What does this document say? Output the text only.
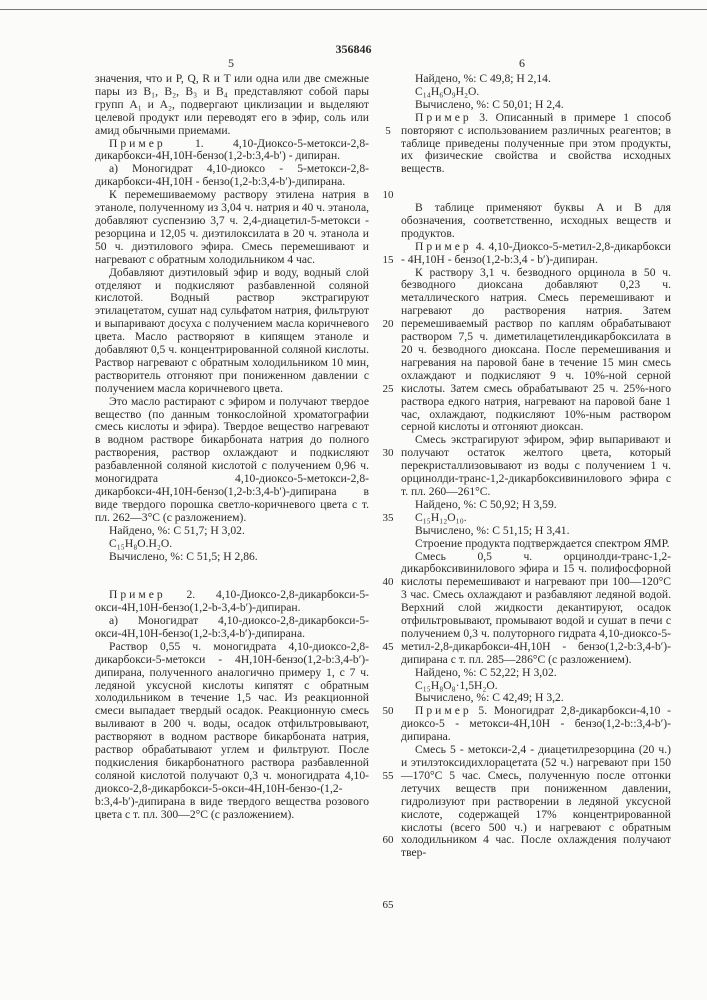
356846
5	6

значения, что и P, Q, R и T или одна или две смежные пары из B₁, B₂, B₃ и B₄ представляют собой пары групп A₁ и A₂, подвергают циклизации и выделяют целевой продукт или переводят его в эфир, соль или амид обычными приемами.

Пример 1. 4,10-Диоксо-5-метокси-2,8-дикарбокси-4H,10H-бензо(1,2-b:3,4-b′) - дипиран.

а) Моногидрат 4,10-диоксо - 5-метокси-2,8-дикарбокси-4H,10H - бензо(1,2-b:3,4-b′)-дипирана.

К перемешиваемому раствору этилена натрия в этаноле, полученному из 3,04 ч. натрия и 40 ч. этанола, добавляют суспензию 3,7 ч. 2,4-диацетил-5-метокси - резорцина и 12,05 ч. диэтилоксилата в 20 ч. этанола и 50 ч. диэтилового эфира. Смесь перемешивают и нагревают с обратным холодильником 4 час.

Добавляют диэтиловый эфир и воду, водный слой отделяют и подкисляют разбавленной соляной кислотой. Водный раствор экстрагируют этилацетатом, сушат над сульфатом натрия, фильтруют и выпаривают досуха с получением масла коричневого цвета. Масло растворяют в кипящем этаноле и добавляют 0,5 ч. концентрированной соляной кислоты. Раствор нагревают с обратным холодильником 10 мин, растворитель отгоняют при пониженном давлении с получением масла коричневого цвета.

Это масло растирают с эфиром и получают твердое вещество (по данным тонкослойной хроматографии смесь кислоты и эфира). Твердое вещество нагревают в водном растворе бикарбоната натрия до полного растворения, раствор охлаждают и подкисляют разбавленной соляной кислотой с получением 0,96 ч. моногидрата 4,10-диоксо-5-метокси-2,8-дикарбокси-4H,10H-бензо(1,2-b:3,4-b′)-дипирана в виде твердого порошка светло-коричневого цвета с т. пл. 262—3°C (с разложением).

Найдено, %: C 51,7; H 3,02.

C₁₅H₈O.H₂O.

Вычислено, %: C 51,5; H 2,86.

Пример 2. 4,10-Диоксо-2,8-дикарбокси-5-окси-4H,10H-бензо(1,2-b-3,4-b′)-дипиран.

а) Моногидрат 4,10-диоксо-2,8-дикарбокси-5-окси-4H,10H-бензо(1,2-b:3,4-b′)-дипирана.

Раствор 0,55 ч. моногидрата 4,10-диоксо-2,8-дикарбокси-5-метокси - 4H,10H-бензо(1,2-b:3,4-b′)-дипирана, полученного аналогично примеру 1, с 7 ч. ледяной уксусной кислоты кипятят с обратным холодильником в течение 1,5 час. Из реакционной смеси выпадает твердый осадок. Реакционную смесь выливают в 200 ч. воды, осадок отфильтровывают, растворяют в водном растворе бикарбоната натрия, раствор обрабатывают углем и фильтруют. После подкисления бикарбонатного раствора разбавленной соляной кислотой получают 0,3 ч. моногидрата 4,10-диоксо-2,8-дикарбокси-5-окси-4H,10H-бензо-(1,2-b:3,4-b′)-дипирана в виде твердого вещества розового цвета с т. пл. 300—2°C (с разложением).

5
10
15
20
25
30
35
40
45
50
55
60
65

Найдено, %: C 49,8; H 2,14.

C₁₄H₆O₉H₂O.

Вычислено, %: C 50,01; H 2,4.

Пример 3. Описанный в примере 1 способ повторяют с использованием различных реагентов; в таблице приведены полученные при этом продукты, их физические свойства и свойства исходных веществ.

В таблице применяют буквы A и B для обозначения, соответственно, исходных веществ и продуктов.

Пример 4. 4,10-Диоксо-5-метил-2,8-дикарбокси - 4H,10H - бензо(1,2-b:3,4 - b′)-дипиран.

К раствору 3,1 ч. безводного орцинола в 50 ч. безводного диоксана добавляют 0,23 ч. металлического натрия. Смесь перемешивают и нагревают до растворения натрия. Затем перемешиваемый раствор по каплям обрабатывают раствором 7,5 ч. диметилацетилендикарбоксилата в 20 ч. безводного диоксана. После перемешивания и нагревания на паровой бане в течение 15 мин смесь охлаждают и подкисляют 9 ч. 10%-ной серной кислоты. Затем смесь обрабатывают 25 ч. 25%-ного раствора едкого натрия, нагревают на паровой бане 1 час, охлаждают, подкисляют 10%-ным раствором серной кислоты и отгоняют диоксан.

Смесь экстрагируют эфиром, эфир выпаривают и получают остаток желтого цвета, который перекристаллизовывают из воды с получением 1 ч. орцинолди-транс-1,2-дикарбоксивинилового эфира с т. пл. 260—261°C.

Найдено, %: C 50,92; H 3,59.

C₁₅H₁₂O₁₀.

Вычислено, %: C 51,15; H 3,41.

Строение продукта подтверждается спектром ЯМР.

Смесь 0,5 ч. орцинолди-транс-1,2-дикарбоксивинилового эфира и 15 ч. полифосфорной кислоты перемешивают и нагревают при 100—120°C 3 час. Смесь охлаждают и разбавляют ледяной водой. Верхний слой жидкости декантируют, осадок отфильтровывают, промывают водой и сушат в печи с получением 0,3 ч. полуторного гидрата 4,10-диоксо-5-метил-2,8-дикарбокси-4H,10H - бензо(1,2-b:3,4-b′)-дипирана с т. пл. 285—286°C (с разложением).

Найдено, %: C 52,22; H 3,02.

C₁₅H₈O₈·1,5H₂O.

Вычислено, %: C 42,49; H 3,2.

Пример 5. Моногидрат 2,8-дикарбокси-4,10 - диоксо-5 - метокси-4H,10H - бензо(1,2-b::3,4-b′)-дипирана.

Смесь 5 - метокси-2,4 - диацетилрезорцина (20 ч.) и этилэтоксидихлорацетата (52 ч.) нагревают при 150—170°C 5 час. Смесь, полученную после отгонки летучих веществ при пониженном давлении, гидролизуют при растворении в ледяной уксусной кислоте, содержащей 17% концентрированной кислоты (всего 500 ч.) и нагревают с обратным холодильником 4 час. После охлаждения получают твер-
